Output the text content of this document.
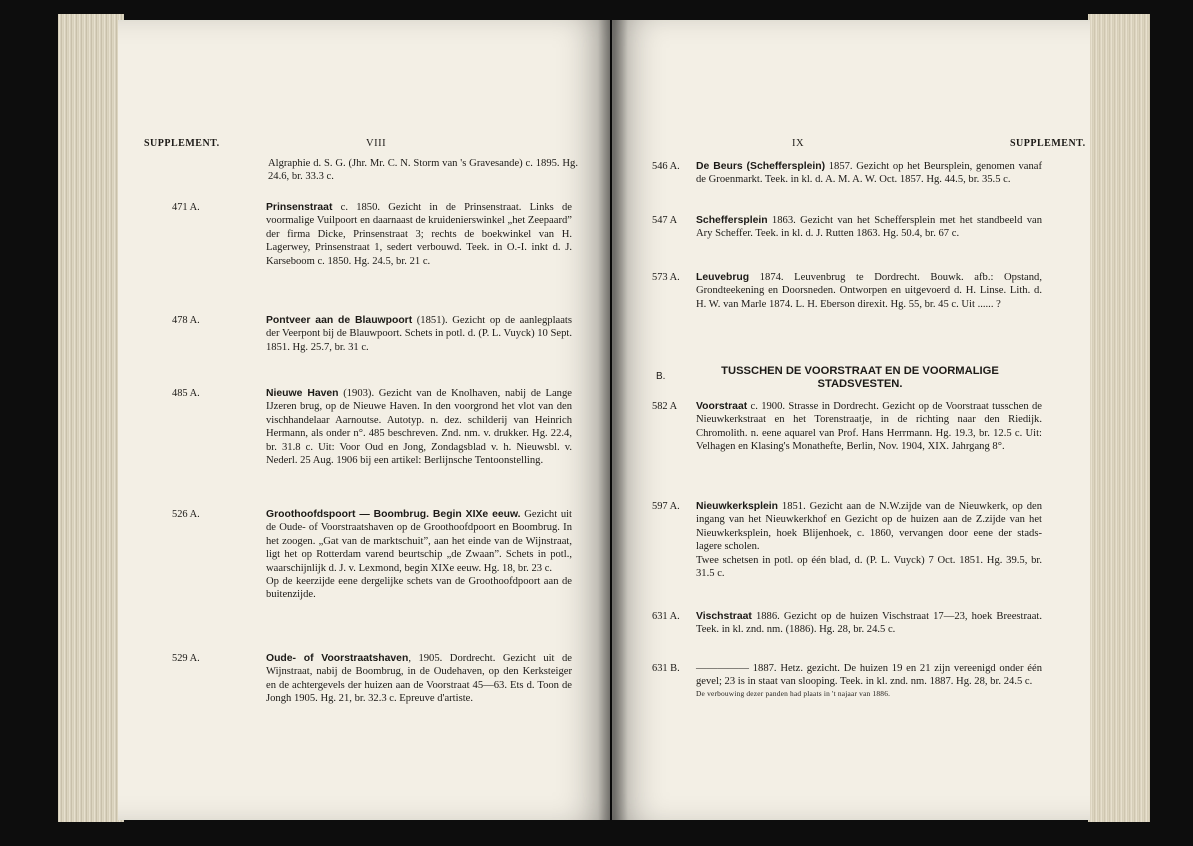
SUPPLEMENT.	VIII
Algraphie d. S. G. (Jhr. Mr. C. N. Storm van 's Gravesande) c. 1895. Hg. 24.6, br. 33.3 c.
471 A.	Prinsenstraat c. 1850. Gezicht in de Prinsenstraat. Links de voormalige Vuilpoort en daarnaast de kruidenierswinkel „het Zeepaard” der firma Dicke, Prinsenstraat 3; rechts de boekwinkel van H. Lagerwey, Prinsenstraat 1, sedert verbouwd. Teek. in O.-I. inkt d. J. Karseboom c. 1850. Hg. 24.5, br. 21 c.
478 A.	Pontveer aan de Blauwpoort (1851). Gezicht op de aanlegplaats der Veerpont bij de Blauwpoort. Schets in potl. d. (P. L. Vuyck) 10 Sept. 1851. Hg. 25.7, br. 31 c.
485 A.	Nieuwe Haven (1903). Gezicht van de Knolhaven, nabij de Lange IJzeren brug, op de Nieuwe Haven. In den voorgrond het vlot van den vischhandelaar Aarnoutse. Autotyp. n. dez. schilderij van Heinrich Hermann, als onder n°. 485 beschreven. Znd. nm. v. drukker. Hg. 22.4, br. 31.8 c. Uit: Voor Oud en Jong, Zondagsblad v. h. Nieuwsbl. v. Nederl. 25 Aug. 1906 bij een artikel: Berlijnsche Tentoonstelling.
526 A.	Groothoofdspoort — Boombrug. Begin XIXe eeuw. Gezicht uit de Oude- of Voorstraatshaven op de Groothoofdpoort en Boombrug. In het zoogen. „Gat van de marktschuit”, aan het einde van de Wijnstraat, ligt het op Rotterdam varend beurtschip „de Zwaan”. Schets in potl., waarschijnlijk d. J. v. Lexmond, begin XIXe eeuw. Hg. 18, br. 23 c.

Op de keerzijde eene dergelijke schets van de Groothoofdpoort aan de buitenzijde.

529 A.	Oude- of Voorstraatshaven, 1905. Dordrecht. Gezicht uit de Wijnstraat, nabij de Boombrug, in de Oudehaven, op den Kerksteiger en de achtergevels der huizen aan de Voorstraat 45—63. Ets d. Toon de Jongh 1905. Hg. 21, br. 32.3 c. Epreuve d'artiste.
IX	SUPPLEMENT.
546 A. De Beurs (Scheffersplein) 1857. Gezicht op het Beursplein, genomen vanaf de Groenmarkt. Teek. in kl. d. A. M. A. W. Oct. 1857. Hg. 44.5, br. 35.5 c.
547 A Scheffersplein 1863. Gezicht van het Scheffersplein met het standbeeld van Ary Scheffer. Teek. in kl. d. J. Rutten 1863. Hg. 50.4, br. 67 c.
573 A. Leuvebrug 1874. Leuvenbrug te Dordrecht. Bouwk. afb.: Opstand, Grondteekening en Doorsneden. Ontworpen en uitgevoerd d. H. Linse. Lith. d. H. W. van Marle 1874. L. H. Eberson direxit. Hg. 55, br. 45 c. Uit ...... ?
B.	TUSSCHEN DE VOORSTRAAT EN DE VOORMALIGE STADSVESTEN.
582 A Voorstraat c. 1900. Strasse in Dordrecht. Gezicht op de Voorstraat tusschen de Nieuwkerkstraat en het Torenstraatje, in de richting naar den Riedijk. Chromolith. n. eene aquarel van Prof. Hans Herrmann. Hg. 19.3, br. 12.5 c. Uit: Velhagen en Klasing's Monathefte, Berlin, Nov. 1904, XIX. Jahrgang 8°.
597 A. Nieuwkerksplein 1851. Gezicht aan de N.W.zijde van de Nieuwkerk, op den ingang van het Nieuwkerkhof en Gezicht op de huizen aan de Z.zijde van het Nieuwkerksplein, hoek Blijenhoek, c. 1860, vervangen door eene der stads-lagere scholen.

Twee schetsen in potl. op één blad, d. (P. L. Vuyck) 7 Oct. 1851. Hg. 39.5, br. 31.5 c.

631 A. Vischstraat 1886. Gezicht op de huizen Vischstraat 17—23, hoek Breestraat. Teek. in kl. znd. nm. (1886). Hg. 28, br. 24.5 c.
631 B. ————— 1887. Hetz. gezicht. De huizen 19 en 21 zijn vereenigd onder één gevel; 23 is in staat van slooping. Teek. in kl. znd. nm. 1887. Hg. 28, br. 24.5 c.

De verbouwing dezer panden had plaats in 't najaar van 1886.
